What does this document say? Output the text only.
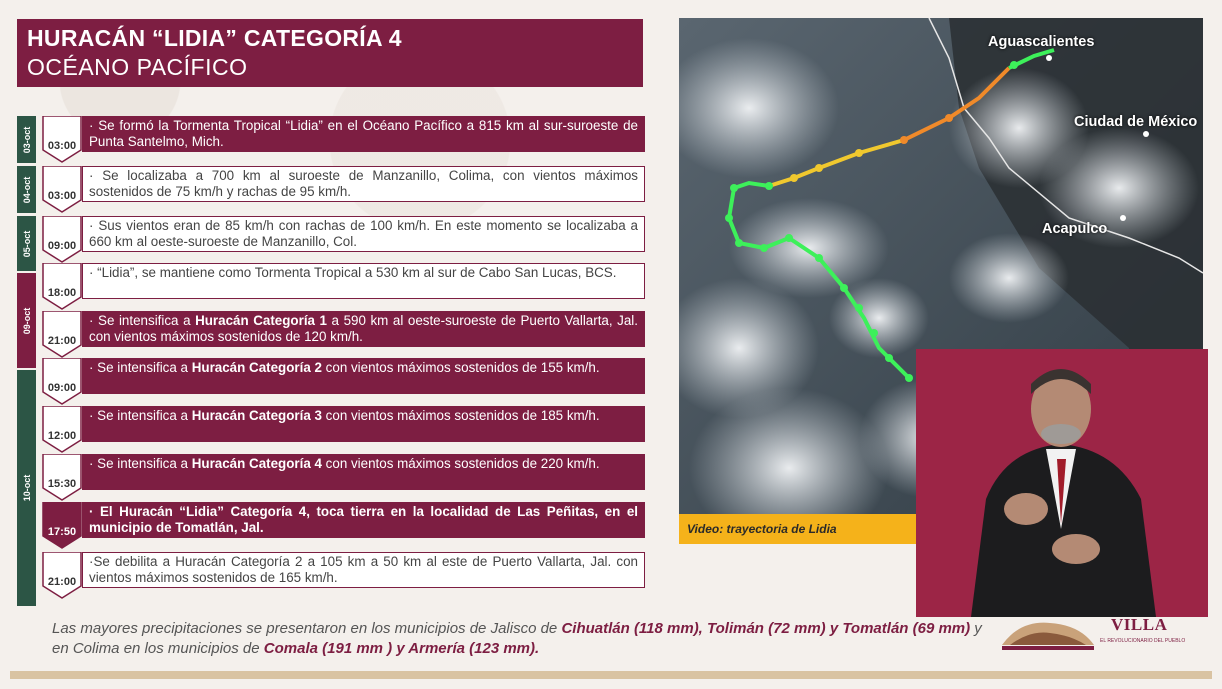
HURACÁN “LIDIA” CATEGORÍA 4
OCÉANO PACÍFICO
03-oct
04-oct
05-oct
09-oct
10-oct
03:00
· Se formó la Tormenta Tropical “Lidia” en el Océano Pacífico a 815 km al sur-suroeste de Punta Santelmo, Mich.
03:00
· Se localizaba a 700 km al suroeste de Manzanillo, Colima, con vientos máximos sostenidos de 75 km/h y rachas de 95 km/h.
09:00
· Sus vientos eran de 85 km/h con rachas de 100 km/h. En este momento se localizaba a 660 km al oeste-suroeste de Manzanillo, Col.
18:00
· “Lidia”, se mantiene como Tormenta Tropical a 530 km al sur de Cabo San Lucas, BCS.
21:00
· Se intensifica a Huracán Categoría 1 a 590 km al oeste-suroeste de Puerto Vallarta, Jal. con vientos máximos sostenidos de 120 km/h.
09:00
· Se intensifica a Huracán Categoría 2 con vientos máximos sostenidos de 155 km/h.
12:00
· Se intensifica a Huracán Categoría 3 con vientos máximos sostenidos de 185 km/h.
15:30
· Se intensifica a Huracán Categoría 4 con vientos máximos sostenidos de 220 km/h.
17:50
· El Huracán “Lidia” Categoría 4, toca tierra en la localidad de Las Peñitas, en el municipio de Tomatlán, Jal.
21:00
·Se debilita a Huracán Categoría 2 a 105 km a 50 km al este de Puerto Vallarta, Jal. con vientos máximos sostenidos de 165 km/h.
Aguascalientes
Ciudad de México
Acapulco
Video: trayectoria de Lidia
Las mayores precipitaciones se presentaron en los municipios de Jalisco de Cihuatlán (118 mm), Tolimán (72 mm) y Tomatlán (69 mm) y en Colima en los municipios de Comala (191 mm ) y Armería (123 mm).
VILLA
EL REVOLUCIONARIO DEL PUEBLO
